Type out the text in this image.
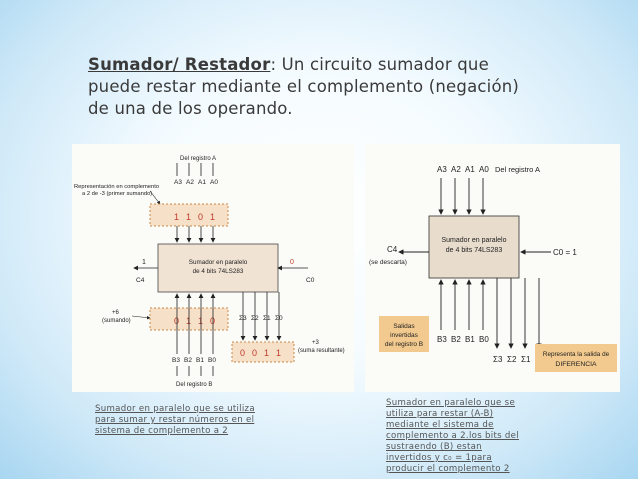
Sumador/ Restador: Un circuito sumador que puede restar mediante el complemento (negación) de una de los operando.
Del registro A
A3 A2 A1 A0
Representación en complemento
a 2 de -3 (primer sumando)
1 1 0 1
Sumador en paralelo
de 4 bits 74LS283
1
C4
0
C0
+6
(sumando)	0 1 1 0	Σ3 Σ2 Σ1 Σ0
0 0 1 1
+3
(suma resultante)
B3 B2 B1 B0
Del registro B
A3 A2 A1 A0 Del registro A
Sumador en paralelo
de 4 bits 74LS283
C4
(se descarta)
C0 = 1
Salidas
invertidas
del registro B
B3 B2 B1 B0
Σ3 Σ2 Σ1
Representa la salida de
DIFERENCIA
Sumador en paralelo que se utiliza para sumar y restar números en el sistema de complemento a 2
Sumador en paralelo que se utiliza para restar (A-B) mediante el sistema de complemento a 2.los bits del sustraendo (B) estan invertidos y c₀ = 1para producir el complemento 2
